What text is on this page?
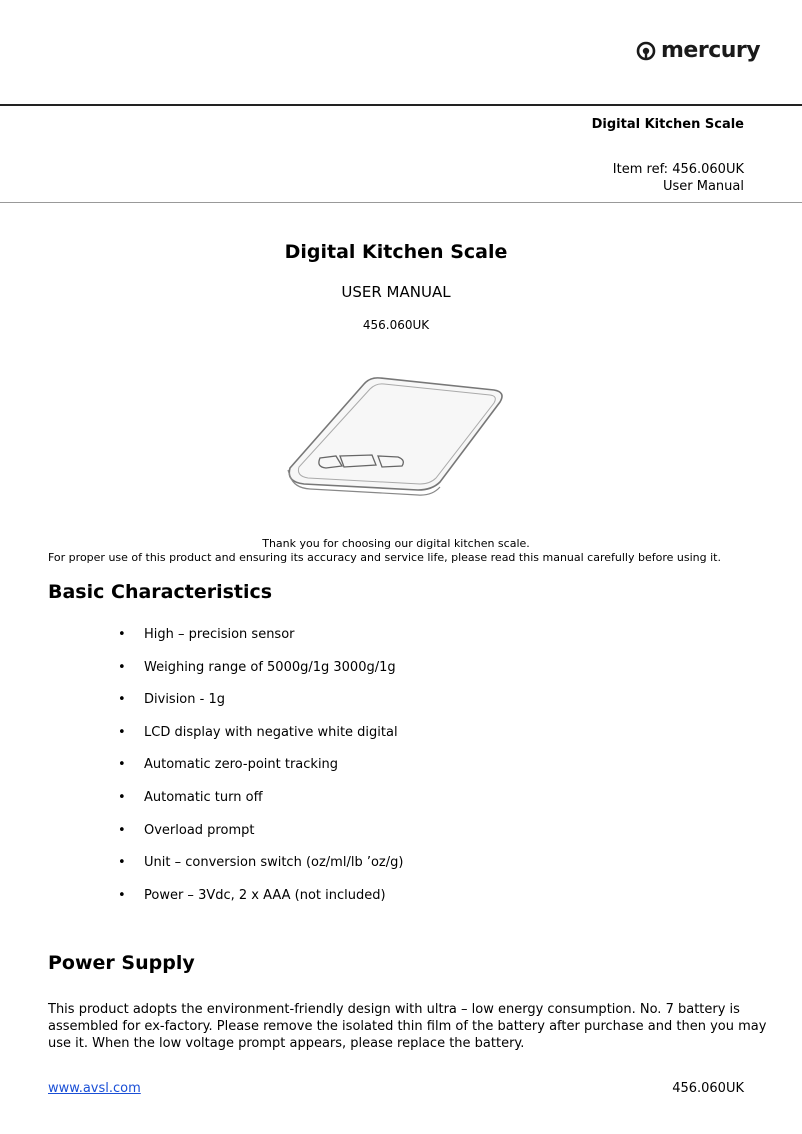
mercury
Digital Kitchen Scale
Item ref: 456.060UK
User Manual
Digital Kitchen Scale
USER MANUAL
456.060UK
Thank you for choosing our digital kitchen scale.
For proper use of this product and ensuring its accuracy and service life, please read this manual carefully before using it.
Basic Characteristics
• High – precision sensor
• Weighing range of 5000g/1g 3000g/1g
• Division - 1g
• LCD display with negative white digital
• Automatic zero-point tracking
• Automatic turn off
• Overload prompt
• Unit – conversion switch (oz/ml/lb ’oz/g)
• Power – 3Vdc, 2 x AAA (not included)
Power Supply
This product adopts the environment-friendly design with ultra – low energy consumption. No. 7 battery is assembled for ex-factory. Please remove the isolated thin film of the battery after purchase and then you may use it. When the low voltage prompt appears, please replace the battery.
www.avsl.com	456.060UK
